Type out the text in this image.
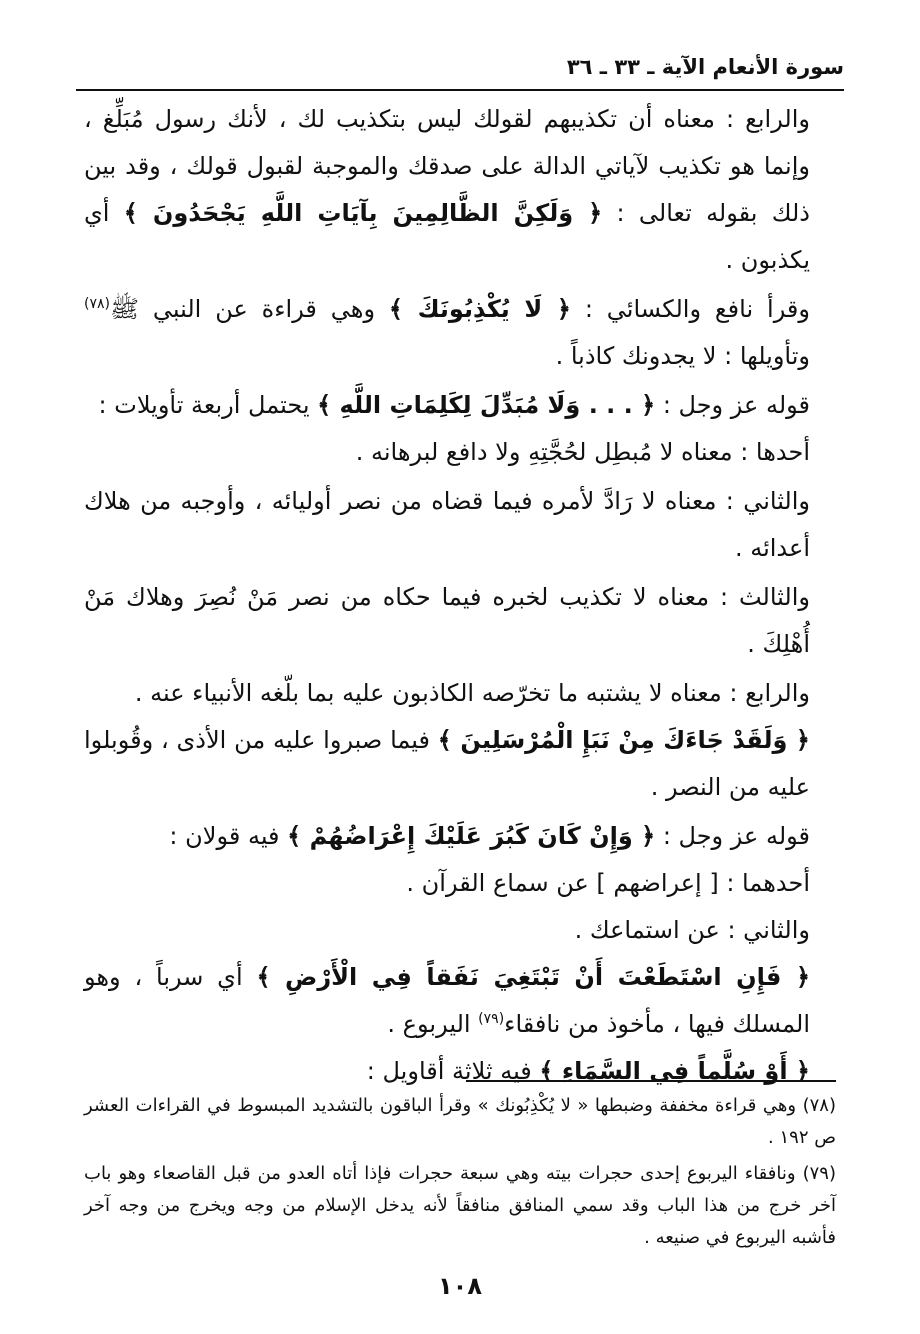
سورة الأنعام الآية ـ ٣٣ ـ ٣٦

والرابع : معناه أن تكذيبهم لقولك ليس بتكذيب لك ، لأنك رسول مُبَلِّغ ، وإنما هو تكذيب لآياتي الدالة على صدقك والموجبة لقبول قولك ، وقد بين ذلك بقوله تعالى : ﴿ وَلَكِنَّ الظَّالِمِينَ بِآيَاتِ اللَّهِ يَجْحَدُونَ ﴾ أي يكذبون .

وقرأ نافع والكسائي : ﴿ لَا يُكْذِبُونَكَ ﴾ وهي قراءة عن النبي ﷺ$^{(٧٨)}$ وتأويلها : لا يجدونك كاذباً .

قوله عز وجل : ﴿ . . . وَلَا مُبَدِّلَ لِكَلِمَاتِ اللَّهِ ﴾ يحتمل أربعة تأويلات :

أحدها : معناه لا مُبطِل لحُجَّتِهِ ولا دافع لبرهانه .

والثاني : معناه لا رَادَّ لأمره فيما قضاه من نصر أوليائه ، وأوجبه من هلاك أعدائه .

والثالث : معناه لا تكذيب لخبره فيما حكاه من نصر مَنْ نُصِرَ وهلاك مَنْ أُهْلِكَ .

والرابع : معناه لا يشتبه ما تخرّصه الكاذبون عليه بما بلّغه الأنبياء عنه .

﴿ وَلَقَدْ جَاءَكَ مِنْ نَبَإِ الْمُرْسَلِينَ ﴾ فيما صبروا عليه من الأذى ، وقُوبلوا عليه من النصر .

قوله عز وجل : ﴿ وَإِنْ كَانَ كَبُرَ عَلَيْكَ إِعْرَاضُهُمْ ﴾ فيه قولان :

أحدهما : [ إعراضهم ] عن سماع القرآن .

والثاني : عن استماعك .

﴿ فَإِنِ اسْتَطَعْتَ أَنْ تَبْتَغِيَ نَفَقاً فِي الْأَرْضِ ﴾ أي سرباً ، وهو المسلك فيها ، مأخوذ من نافقاء$^{(٧٩)}$ اليربوع .

﴿ أَوْ سُلَّماً فِي السَّمَاءِ ﴾ فيه ثلاثة أقاويل :

(٧٨) وهي قراءة مخففة وضبطها « لا يُكْذِبُونك » وقرأ الباقون بالتشديد المبسوط في القراءات العشر ص ١٩٢ .

(٧٩) ونافقاء اليربوع إحدى حجرات بيته وهي سبعة حجرات فإذا أتاه العدو من قبل القاصعاء وهو باب آخر خرج من هذا الباب وقد سمي المنافق منافقاً لأنه يدخل الإسلام من وجه ويخرج من وجه آخر فأشبه اليربوع في صنيعه .

١٠٨
